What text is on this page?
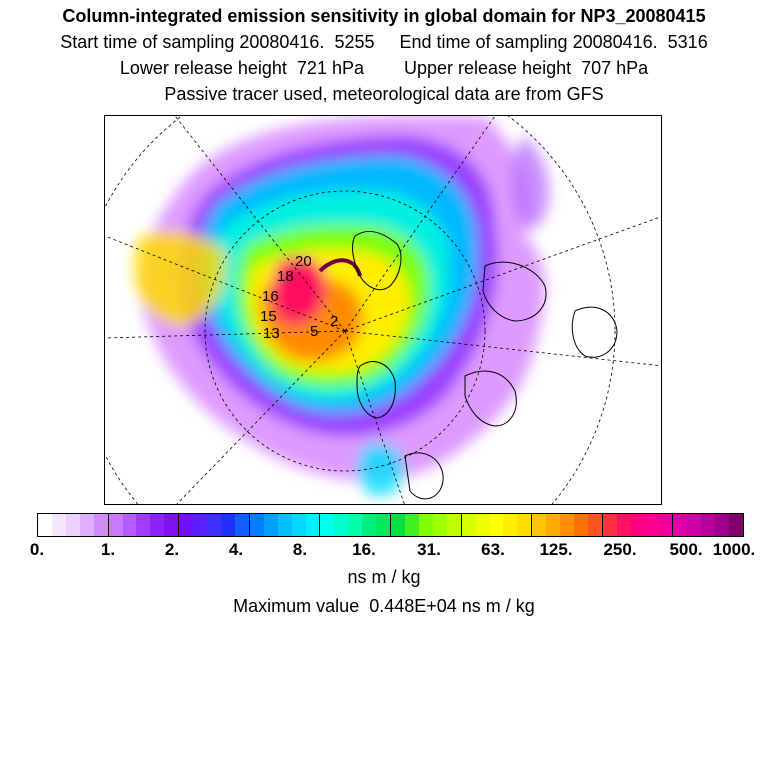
Column-integrated emission sensitivity in global domain for NP3_20080415
Start time of sampling 20080416.  5255     End time of sampling 20080416.  5316
Lower release height  721 hPa        Upper release height  707 hPa
Passive tracer used, meteorological data are from GFS
20
18
16
15
13 5
2
0.	1.	2.	4.	8.	16. 31. 63. 125. 250. 500. 1000.
ns m / kg
Maximum value  0.448E+04 ns m / kg
